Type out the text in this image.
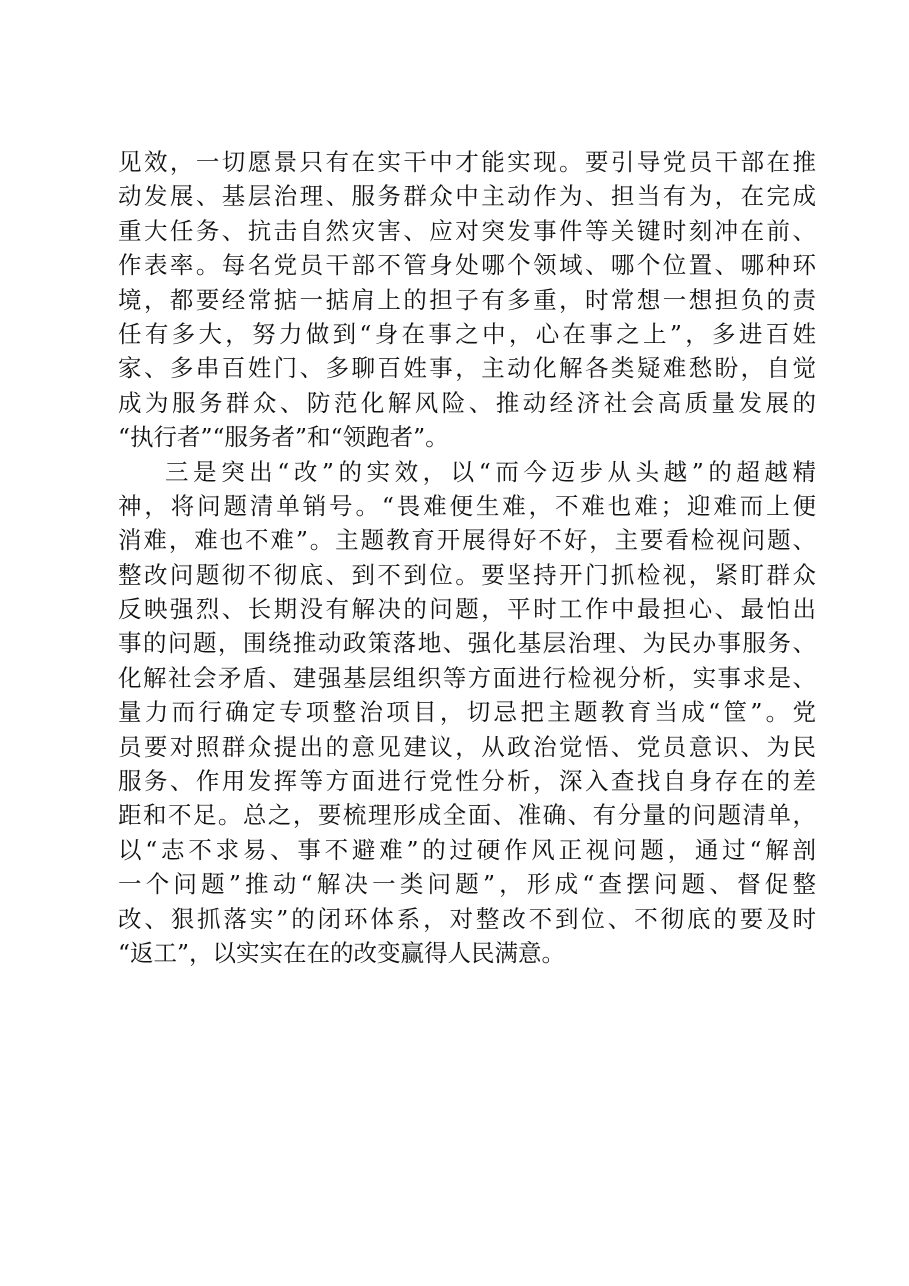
见效，一切愿景只有在实干中才能实现。要引导党员干部在推
动发展、基层治理、服务群众中主动作为、担当有为，在完成
重大任务、抗击自然灾害、应对突发事件等关键时刻冲在前、
作表率。每名党员干部不管身处哪个领域、哪个位置、哪种环
境，都要经常掂一掂肩上的担子有多重，时常想一想担负的责
任有多大，努力做到“身在事之中，心在事之上”，多进百姓
家、多串百姓门、多聊百姓事，主动化解各类疑难愁盼，自觉
成为服务群众、防范化解风险、推动经济社会高质量发展的
“执行者”“服务者”和“领跑者”。
三是突出“改”的实效，以“而今迈步从头越”的超越精
神，将问题清单销号。“畏难便生难，不难也难；迎难而上便
消难，难也不难”。主题教育开展得好不好，主要看检视问题、
整改问题彻不彻底、到不到位。要坚持开门抓检视，紧盯群众
反映强烈、长期没有解决的问题，平时工作中最担心、最怕出
事的问题，围绕推动政策落地、强化基层治理、为民办事服务、
化解社会矛盾、建强基层组织等方面进行检视分析，实事求是、
量力而行确定专项整治项目，切忌把主题教育当成“筐”。党
员要对照群众提出的意见建议，从政治觉悟、党员意识、为民
服务、作用发挥等方面进行党性分析，深入查找自身存在的差
距和不足。总之，要梳理形成全面、准确、有分量的问题清单，
以“志不求易、事不避难”的过硬作风正视问题，通过“解剖
一个问题”推动“解决一类问题”，形成“查摆问题、督促整
改、狠抓落实”的闭环体系，对整改不到位、不彻底的要及时
“返工”，以实实在在的改变赢得人民满意。
